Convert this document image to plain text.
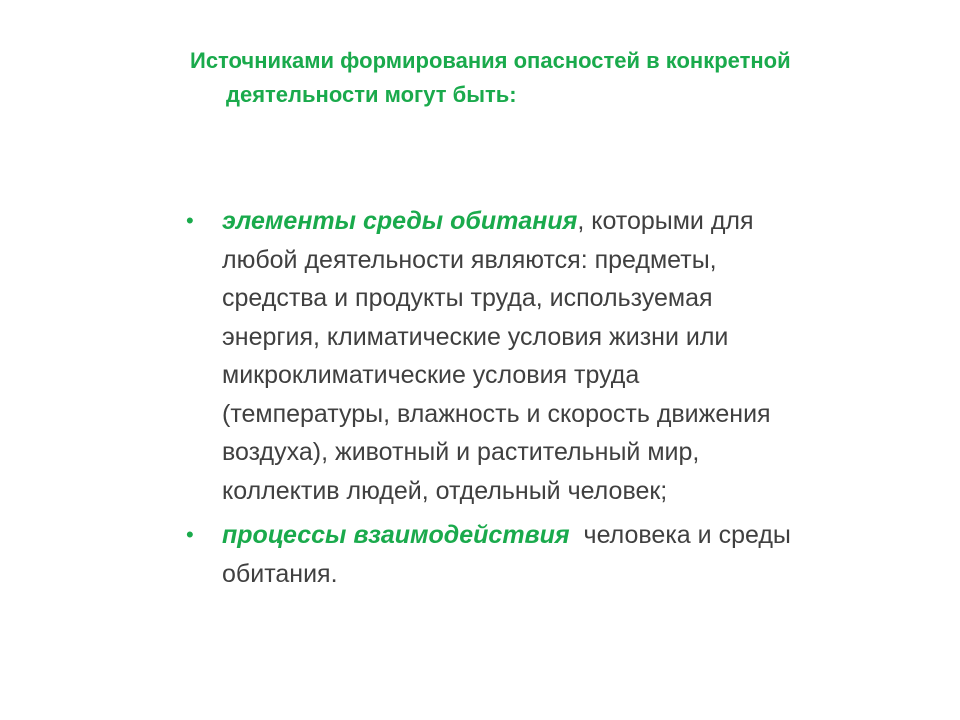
Источниками формирования опасностей в конкретной
деятельности могут быть:
• элементы среды обитания, которыми для
любой деятельности являются: предметы,
средства и продукты труда, используемая
энергия, климатические условия жизни или
микроклиматические условия труда
(температуры, влажность и скорость движения
воздуха), животный и растительный мир,
коллектив людей, отдельный человек;
• процессы взаимодействия  человека и среды
обитания.
